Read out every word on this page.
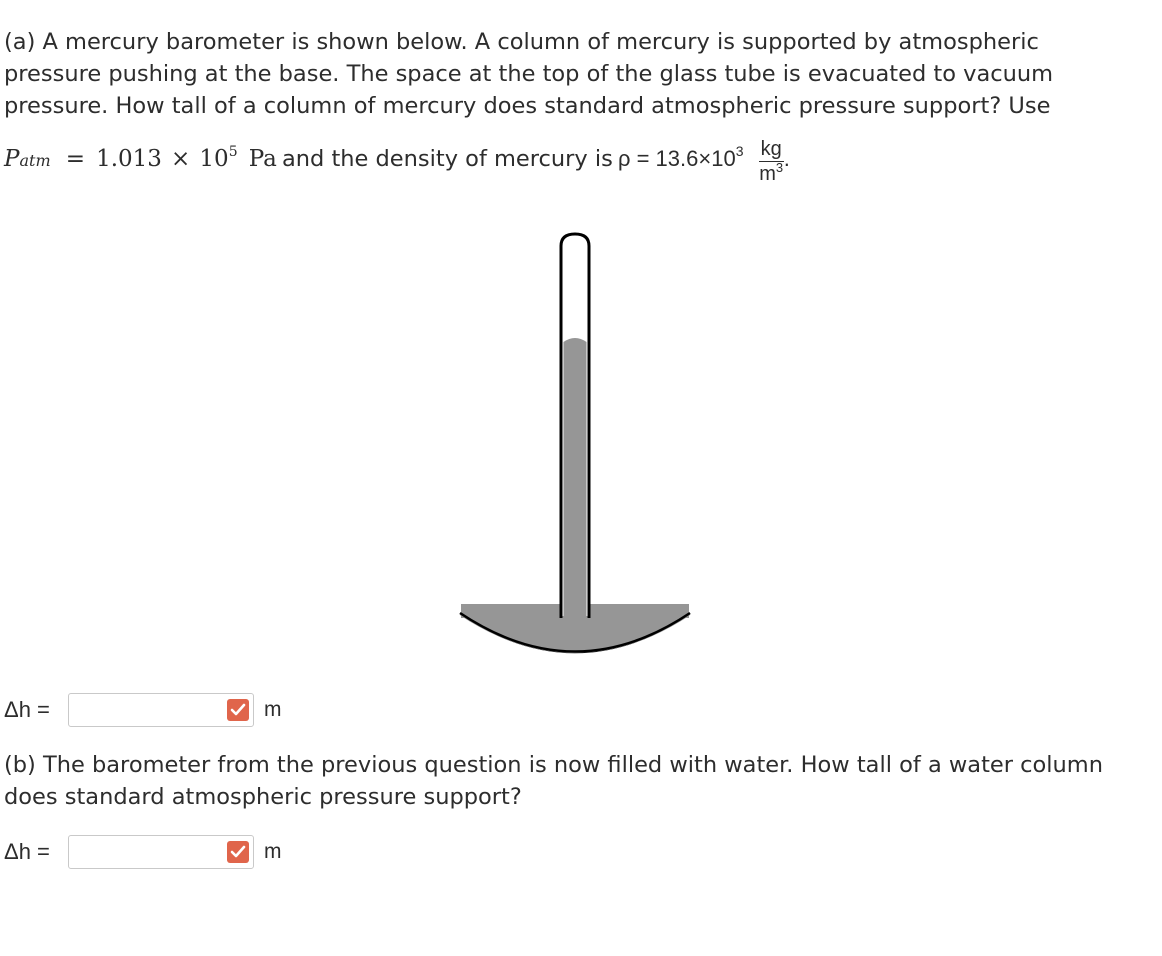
(a) A mercury barometer is shown below. A column of mercury is supported by atmospheric pressure pushing at the base. The space at the top of the glass tube is evacuated to vacuum pressure. How tall of a column of mercury does standard atmospheric pressure support? Use

Patm = 1.013 × 105 Pa and the density of mercury is $\rho = 13.6\times 103 \frac{kg}{m^3}$ .
Δh =	m

(b) The barometer from the previous question is now filled with water. How tall of a water column does standard atmospheric pressure support?

Δh =	m
